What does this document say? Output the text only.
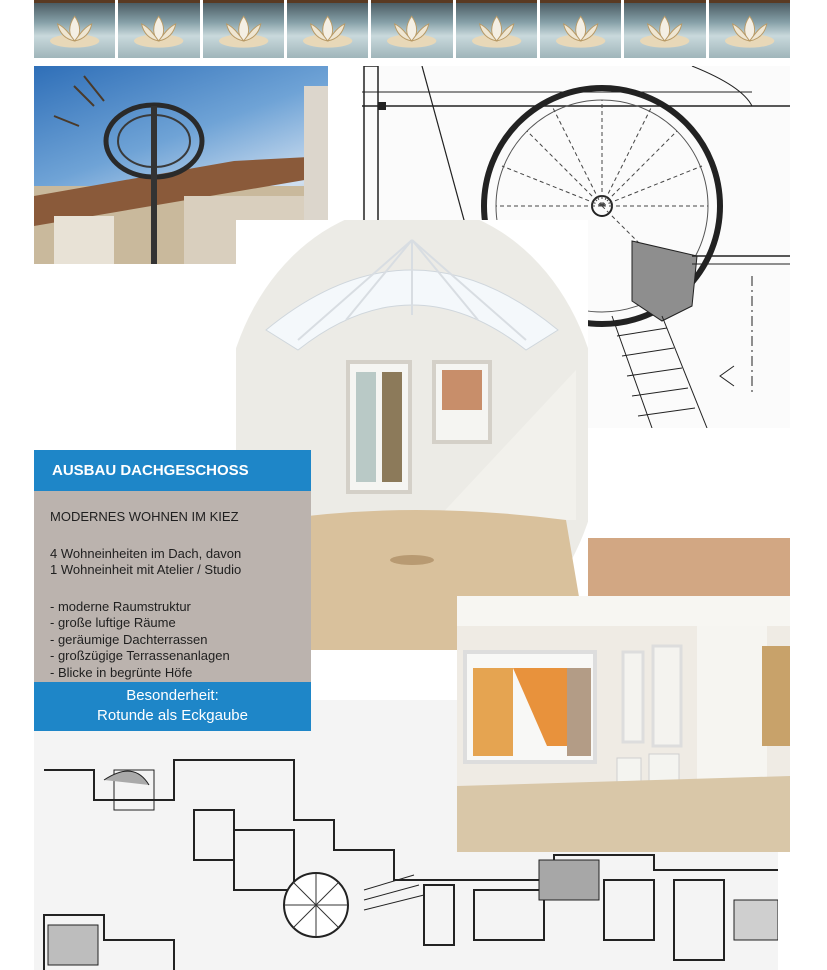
AUSBAU DACHGESCHOSS
MODERNES WOHNEN IM KIEZ
4 Wohneinheiten im Dach, davon
1 Wohneinheit mit Atelier / Studio
- moderne Raumstruktur
- große luftige Räume
- geräumige Dachterrassen
- großzügige Terrassenanlagen
- Blicke in begrünte Höfe
Besonderheit:
Rotunde als Eckgaube
